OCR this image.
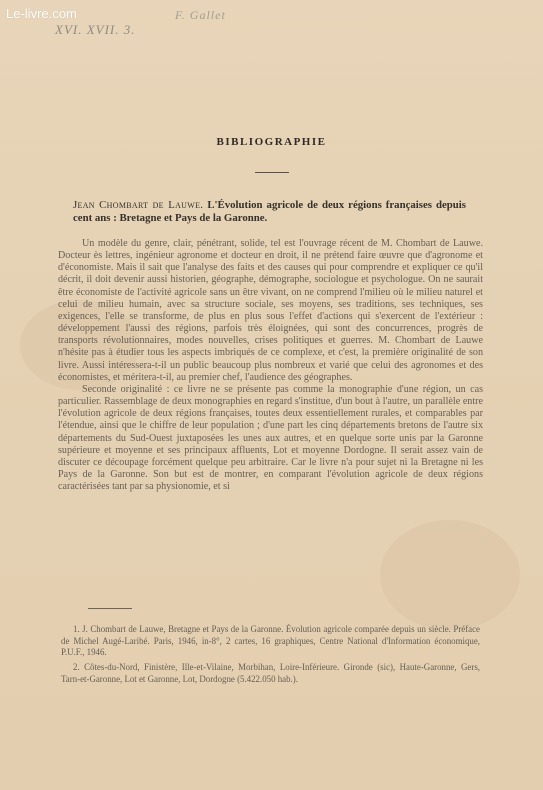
Le-livre.com
XVI. XVII. 3.
F. Gallet
BIBLIOGRAPHIE
Jean Chombart de Lauwe. L'Évolution agricole de deux régions françaises depuis cent ans : Bretagne et Pays de la Garonne.

Un modèle du genre, clair, pénétrant, solide, tel est l'ouvrage récent de M. Chombart de Lauwe. Docteur ès lettres, ingénieur agronome et docteur en droit, il ne prétend faire œuvre que d'agronome et d'économiste. Mais il sait que l'analyse des faits et des causes qui pour comprendre et expliquer ce qu'il décrit, il doit devenir aussi historien, géographe, démographe, sociologue et psychologue. On ne saurait être économiste de l'activité agricole sans un être vivant, on ne comprend l'milieu où le milieu naturel et celui de milieu humain, avec sa structure sociale, ses moyens, ses traditions, ses techniques, ses exigences, l'elle se transforme, de plus en plus sous l'effet d'actions qui s'exercent de l'extérieur : développement l'aussi des régions, parfois très éloignées, qui sont des concurrences, progrès de transports révolutionnaires, modes nouvelles, crises politiques et guerres. M. Chombart de Lauwe n'hésite pas à étudier tous les aspects imbriqués de ce complexe, et c'est, la première originalité de son livre. Aussi intéressera-t-il un public beaucoup plus nombreux et varié que celui des agronomes et des économistes, et méritera-t-il, au premier chef, l'audience des géographes.

Seconde originalité : ce livre ne se présente pas comme la monographie d'une région, un cas particulier. Rassemblage de deux monographies en regard s'institue, d'un bout à l'autre, un parallèle entre l'évolution agricole de deux régions françaises, toutes deux essentiellement rurales, et comparables par l'étendue, ainsi que le chiffre de leur population ; d'une part les cinq départements bretons de l'autre six départements du Sud-Ouest juxtaposées les unes aux autres, et en quelque sorte unis par la Garonne supérieure et moyenne et ses principaux affluents, Lot et moyenne Dordogne. Il serait assez vain de discuter ce découpage forcément quelque peu arbitraire. Car le livre n'a pour sujet ni la Bretagne ni les Pays de la Garonne. Son but est de montrer, en comparant l'évolution agricole de deux régions caractérisées tant par sa physionomie, et si

1. J. Chombart de Lauwe, Bretagne et Pays de la Garonne. Évolution agricole comparée depuis un siècle. Préface de Michel Augé-Laribé. Paris, 1946, in-8°, 2 cartes, 16 graphiques, Centre National d'Information économique, P.U.F., 1946.

2. Côtes-du-Nord, Finistère, Ille-et-Vilaine, Morbihan, Loire-Inférieure. Gironde (sic), Haute-Garonne, Gers, Tarn-et-Garonne, Lot et Garonne, Lot, Dordogne (5.422.050 hab.).
